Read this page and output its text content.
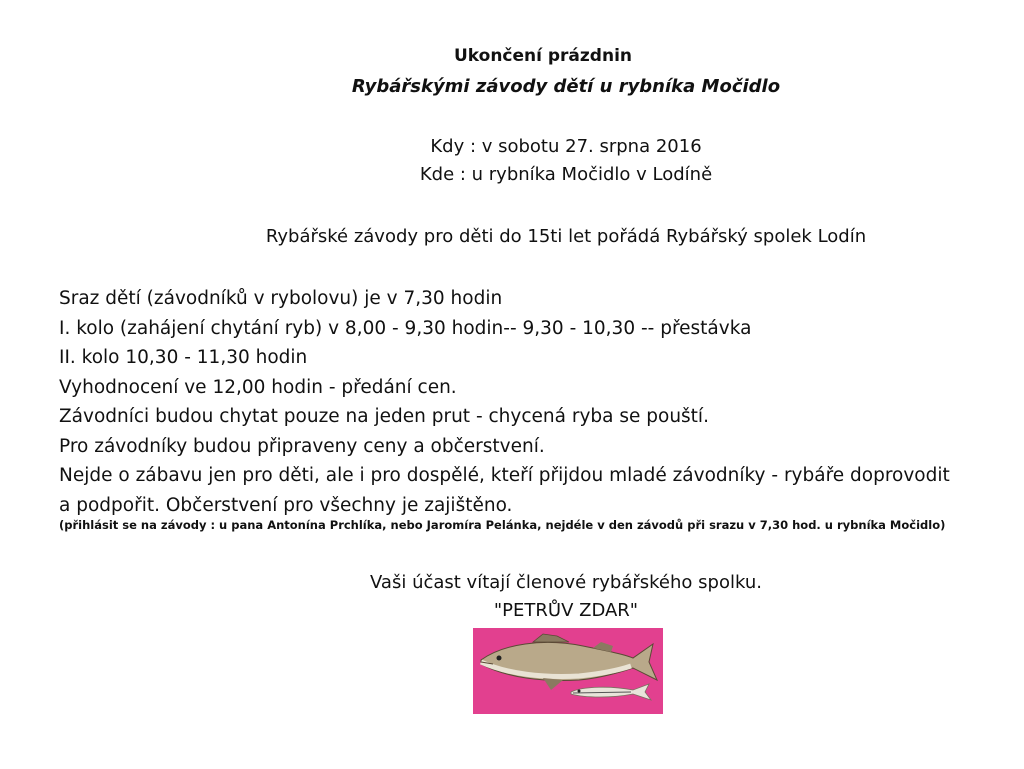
Ukončení prázdnin
Rybářskými závody dětí u rybníka Močidlo
Kdy : v sobotu 27. srpna 2016
Kde : u rybníka Močidlo v Lodíně
Rybářské závody pro děti do 15ti let pořádá Rybářský spolek Lodín
Sraz dětí (závodníků v rybolovu) je v 7,30 hodin
I. kolo (zahájení chytání ryb) v 8,00 - 9,30 hodin-- 9,30 - 10,30 -- přestávka
II. kolo 10,30 - 11,30 hodin
Vyhodnocení ve 12,00 hodin - předání cen.
Závodníci budou chytat pouze na jeden prut - chycená ryba se pouští.
Pro závodníky budou připraveny ceny a občerstvení.
Nejde o zábavu jen pro děti, ale i pro dospělé, kteří přijdou mladé závodníky - rybáře doprovodit
a podpořit. Občerstvení pro všechny je zajištěno.
(přihlásit se na závody : u pana Antonína Prchlíka, nebo Jaromíra Pelánka, nejdéle v den závodů při srazu v 7,30 hod. u rybníka Močidlo)
Vaši účast vítají členové rybářského spolku.
"PETRŮV ZDAR"
